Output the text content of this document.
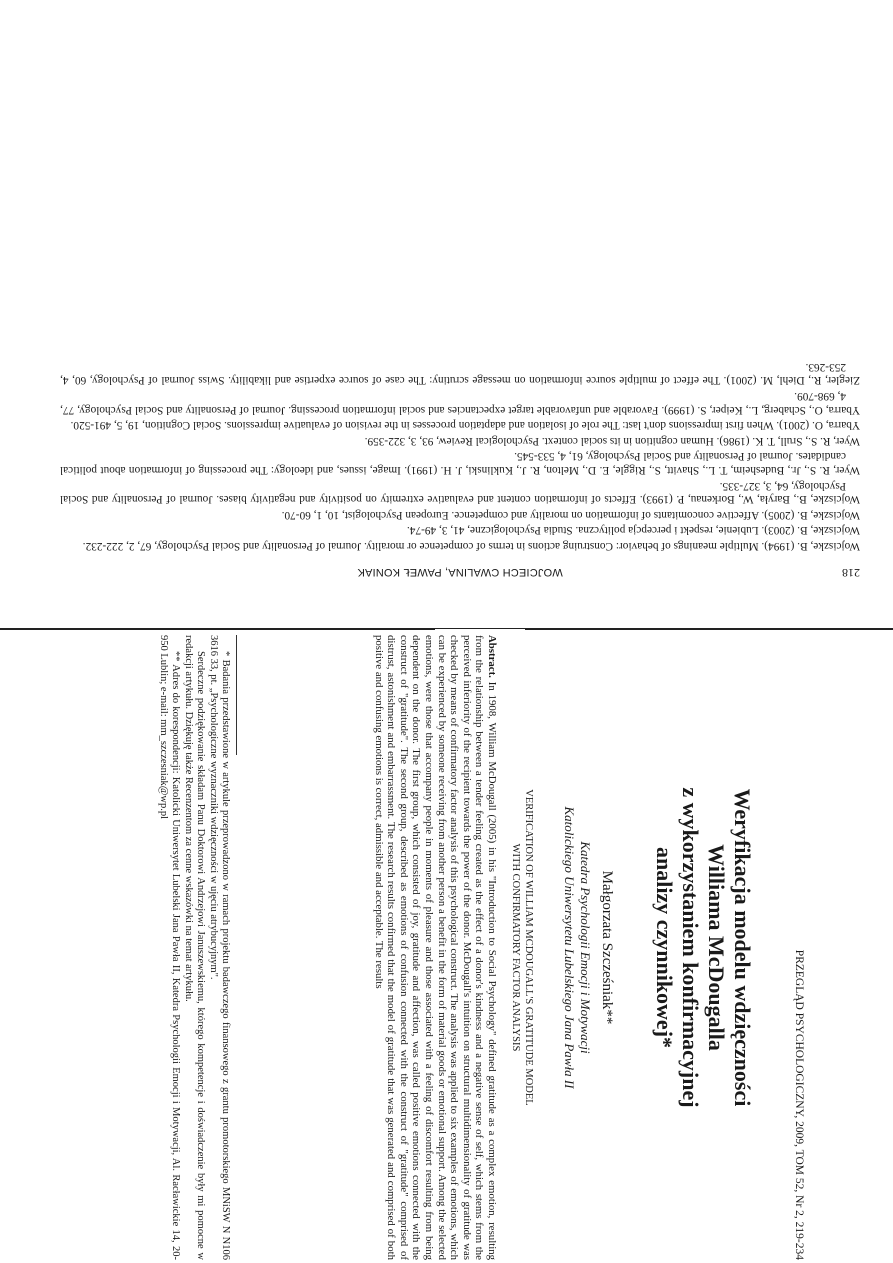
218
WOJCIECH CWALINA, PAWEŁ KONIAK

Wojciszke, B. (1994). Multiple meanings of behavior: Construing actions in terms of competence or morality. Journal of Personality and Social Psychology, 67, 2, 222-232.

Wojciszke, B. (2003). Lubienie, respekt i percepcja polityczna. Studia Psychologiczne, 41, 3, 49-74.

Wojciszke, B. (2005). Affective concomitants of information on morality and competence. European Psychologist, 10, 1, 60-70.

Wojciszke, B., Baryła, W., Borkenau, P. (1993). Effects of information content and evaluative extremity on positivity and negativity biases. Journal of Personality and Social Psychology, 64, 3, 327-335.

Wyer, R. S., Jr., Budesheim, T. L., Shavitt, S., Riggle, E. D., Melton, R. J., Kuklinski, J. H. (1991). Image, issues, and ideology: The processing of information about political candidates. Journal of Personality and Social Psychology, 61, 4, 533-545.

Wyer, R. S., Srull, T. K. (1986). Human cognition in its social context. Psychological Review, 93, 3, 322-359.

Ybarra, O. (2001). When first impressions don't last: The role of isolation and adaptation processes in the revision of evaluative impressions. Social Cognition, 19, 5, 491-520.

Ybarra, O., Schaberg, L., Keiper, S. (1999). Favorable and unfavorable target expectancies and social information processing. Journal of Personality and Social Psychology, 77, 4, 698-709.

Ziegler, R., Diehl, M. (2001). The effect of multiple source information on message scrutiny: The case of source expertise and likability. Swiss Journal of Psychology, 60, 4, 253-263.

PRZEGLĄD PSYCHOLOGICZNY, 2009, TOM 52, Nr 2, 219-234
Weryfikacja modelu wdzięczności
Williama McDougalla
z wykorzystaniem konfirmacyjnej
analizy czynnikowej*
Małgorzata Szcześniak**
Katedra Psychologii Emocji i Motywacji
Katolickiego Uniwersytetu Lubelskiego Jana Pawła II
VERIFICATION OF WILLIAM MCDOUGALL'S GRATITUDE MODEL
WITH CONFIRMATORY FACTOR ANALYSIS
Abstract. In 1908, William McDougall (2005) in his "Introduction to Social Psychology" defined gratitude as a complex emotion, resulting from the relationship between a tender feeling created as the effect of a donor's kindness and a negative sense of self, which stems from the perceived inferiority of the recipient towards the power of the donor. McDougall's intuition on structural multidimensionality of gratitude was checked by means of confirmatory factor analysis of this psychological construct. The analysis was applied to six examples of emotions, which can be experienced by someone receiving from another person a benefit in the form of material goods or emotional support. Among the selected emotions, were those that accompany people in moments of pleasure and those associated with a feeling of discomfort resulting from being dependent on the donor. The first group, which consisted of joy, gratitude and affection, was called positive emotions connected with the construct of "gratitude". The second group, described as emotions of confusion connected with the construct of "gratitude" comprised of distrust, astonishment and embarrassment. The research results confirmed that the model of gratitude that was generated and comprised of both positive and confusing emotions is correct, admissible and acceptable. The results

* Badania przedstawione w artykule przeprowadzono w ramach projektu badawczego finansowego z grantu promotorskiego MNiSW N N106 3616 33, pt. „Psychologiczne wyznaczniki wdzięczności w ujęciu atrybucyjnym".

Serdeczne podziękowanie składam Panu Doktorowi Andrzejowi Januszewskiemu, którego kompetencje i doświadczenie były mi pomocne w redakcji artykułu. Dziękuję także Recenzentom za cenne wskazówki na temat artykułu.

** Adres do korespondencji: Katolicki Uniwersytet Lubelski Jana Pawła II, Katedra Psychologii Emocji i Motywacji, Al. Racławickie 14, 20-950 Lublin; e-mail: mm_szczesniak@wp.pl
